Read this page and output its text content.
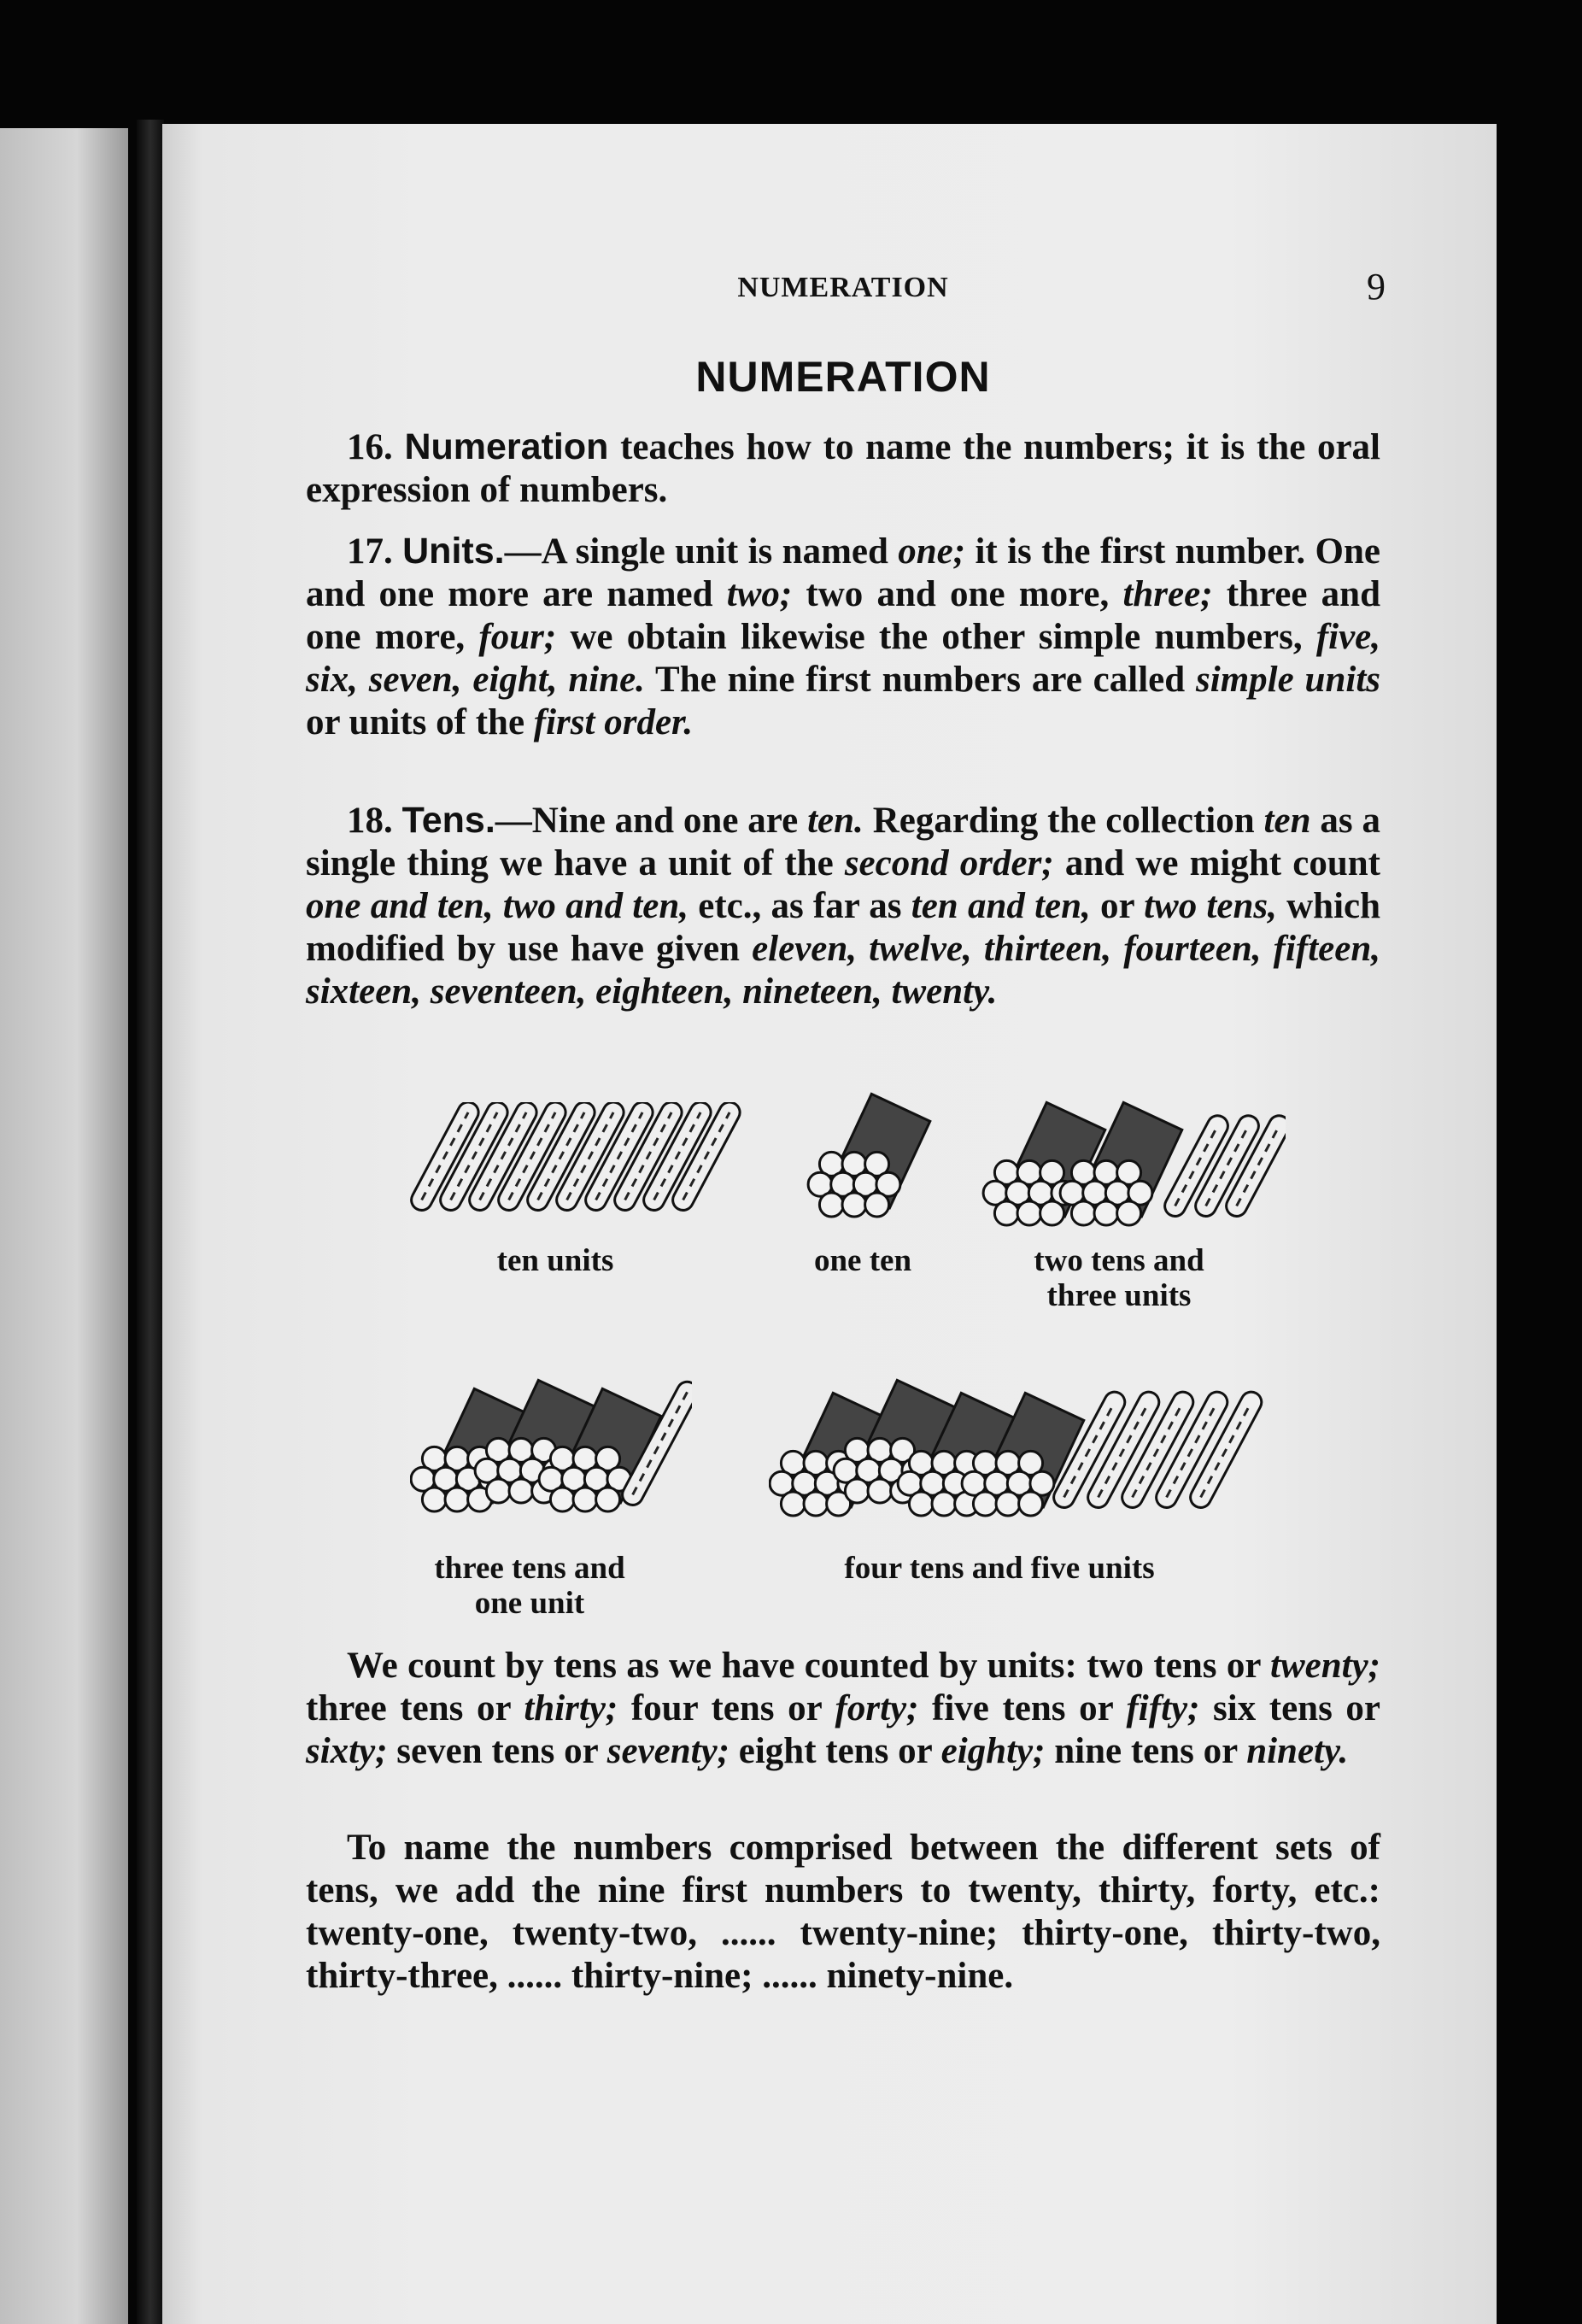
NUMERATION	9
NUMERATION

16. Numeration teaches how to name the numbers; it is the oral expression of numbers.

17. Units.—A single unit is named one; it is the first number. One and one more are named two; two and one more, three; three and one more, four; we obtain likewise the other simple numbers, five, six, seven, eight, nine. The nine first numbers are called simple units or units of the first order.

18. Tens.—Nine and one are ten. Regarding the collection ten as a single thing we have a unit of the second order; and we might count one and ten, two and ten, etc., as far as ten and ten, or two tens, which modified by use have given eleven, twelve, thirteen, fourteen, fifteen, sixteen, seventeen, eighteen, nineteen, twenty.

ten units	one ten	two tens and
three units
three tens and
one unit
four tens and five units

We count by tens as we have counted by units: two tens or twenty; three tens or thirty; four tens or forty; five tens or fifty; six tens or sixty; seven tens or seventy; eight tens or eighty; nine tens or ninety.

To name the numbers comprised between the different sets of tens, we add the nine first numbers to twenty, thirty, forty, etc.: twenty-one, twenty-two, ...... twenty-nine; thirty-one, thirty-two, thirty-three, ...... thirty-nine; ...... ninety-nine.
